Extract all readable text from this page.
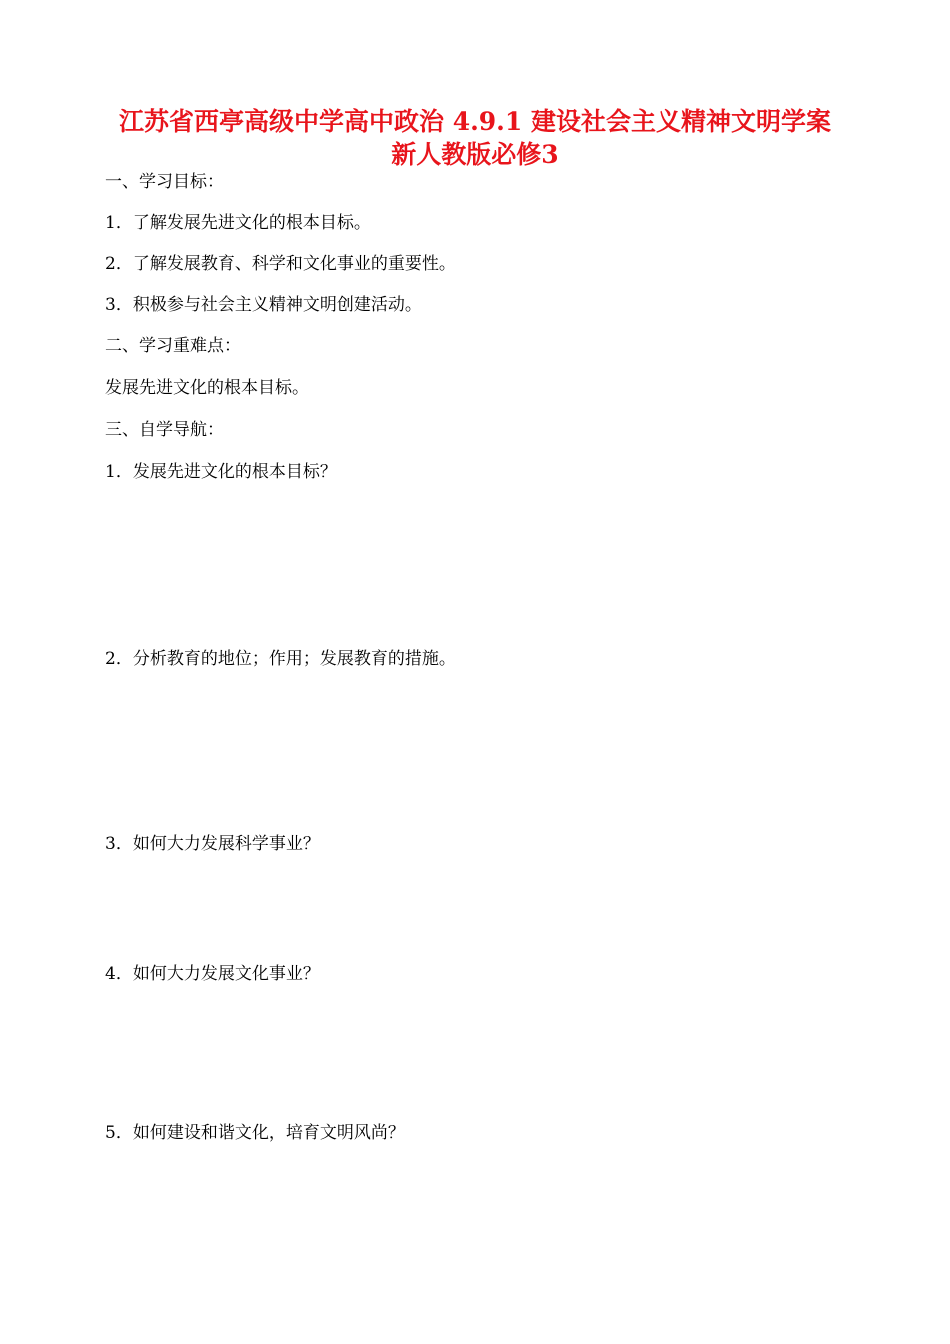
江苏省西亭高级中学高中政治 4.9.1 建设社会主义精神文明学案
新人教版必修3
一、学习目标：
1．了解发展先进文化的根本目标。
2．了解发展教育、科学和文化事业的重要性。
3．积极参与社会主义精神文明创建活动。
二、学习重难点：
发展先进文化的根本目标。
三、自学导航：
1．发展先进文化的根本目标？
2．分析教育的地位；作用；发展教育的措施。
3．如何大力发展科学事业？
4．如何大力发展文化事业？
5．如何建设和谐文化，培育文明风尚？
